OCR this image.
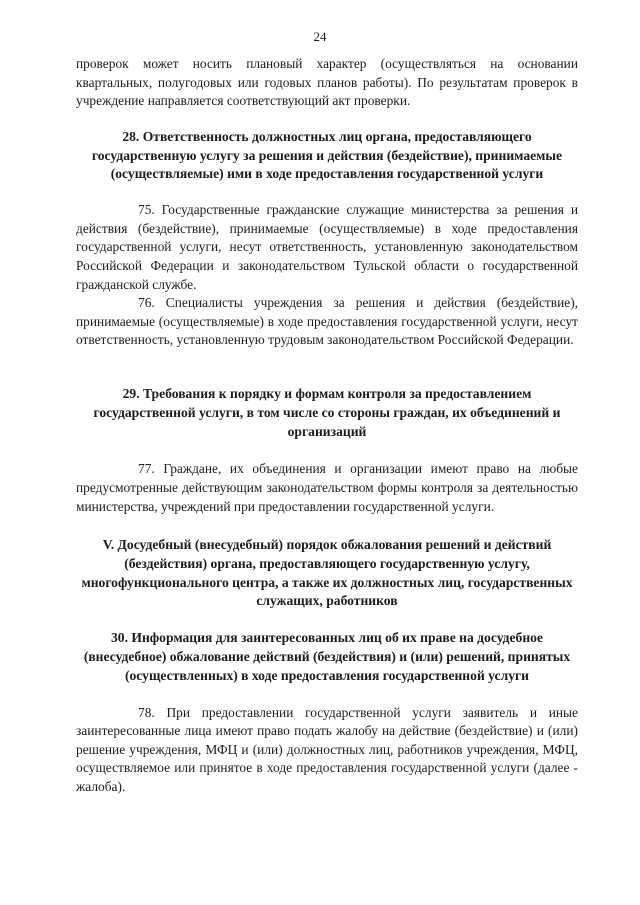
24

проверок может носить плановый характер (осуществляться на основании квартальных, полугодовых или годовых планов работы). По результатам проверок в учреждение направляется соответствующий акт проверки.

28. Ответственность должностных лиц органа, предоставляющего государственную услугу за решения и действия (бездействие), принимаемые (осуществляемые) ими в ходе предоставления государственной услуги

75. Государственные гражданские служащие министерства за решения и действия (бездействие), принимаемые (осуществляемые) в ходе предоставления государственной услуги, несут ответственность, установленную законодательством Российской Федерации и законодательством Тульской области о государственной гражданской службе.

76. Специалисты учреждения за решения и действия (бездействие), принимаемые (осуществляемые) в ходе предоставления государственной услуги, несут ответственность, установленную трудовым законодательством Российской Федерации.

29. Требования к порядку и формам контроля за предоставлением государственной услуги, в том числе со стороны граждан, их объединений и организаций

77. Граждане, их объединения и организации имеют право на любые предусмотренные действующим законодательством формы контроля за деятельностью министерства, учреждений при предоставлении государственной услуги.

V. Досудебный (внесудебный) порядок обжалования решений и действий (бездействия) органа, предоставляющего государственную услугу, многофункционального центра, а также их должностных лиц, государственных служащих, работников
30. Информация для заинтересованных лиц об их праве на досудебное (внесудебное) обжалование действий (бездействия) и (или) решений, принятых (осуществленных) в ходе предоставления государственной услуги

78. При предоставлении государственной услуги заявитель и иные заинтересованные лица имеют право подать жалобу на действие (бездействие) и (или) решение учреждения, МФЦ и (или) должностных лиц, работников учреждения, МФЦ, осуществляемое или принятое в ходе предоставления государственной услуги (далее - жалоба).
